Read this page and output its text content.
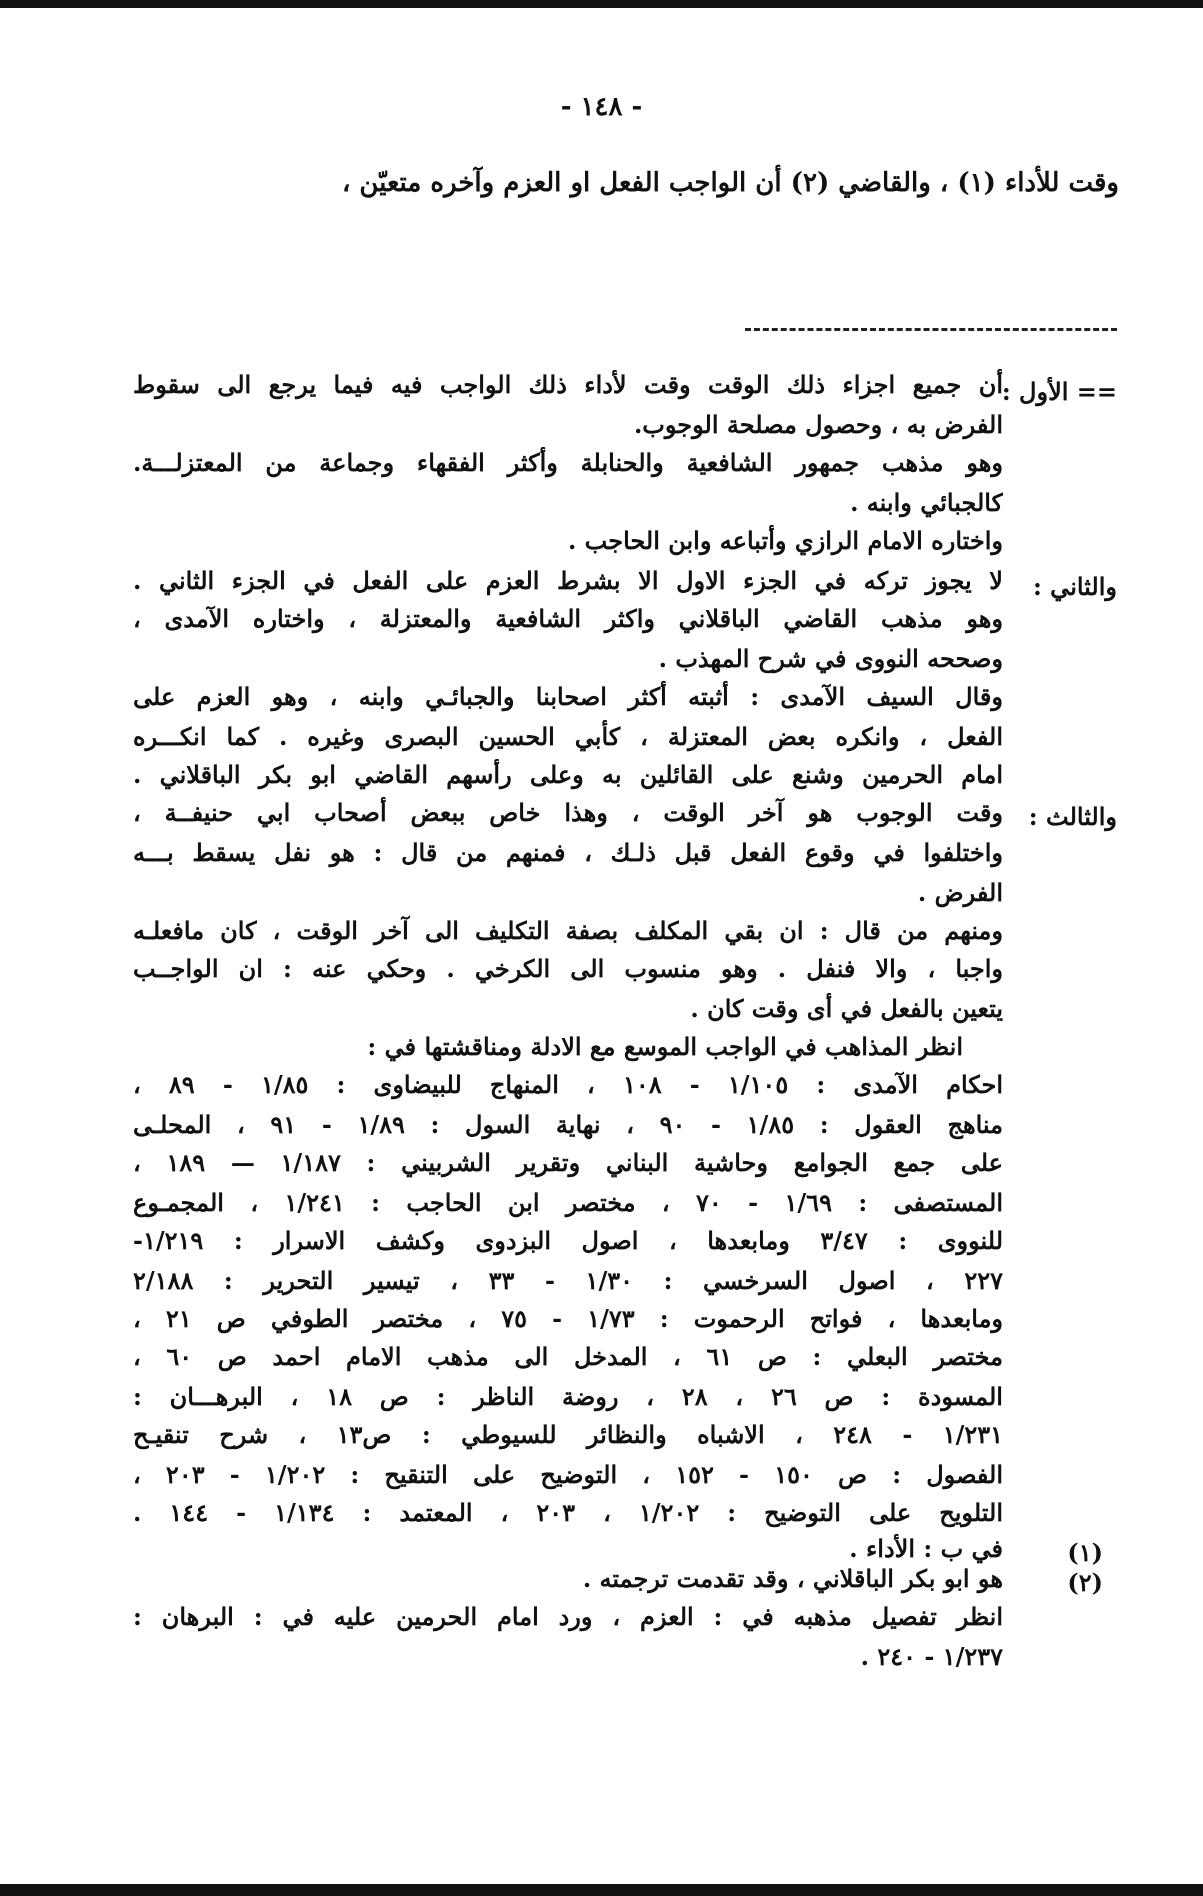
- ١٤٨ -
وقت للأداء (١) ، والقاضي (٢) أن الواجب الفعل او العزم وآخره متعيّن ،
== الأول :
أن جميع اجزاء ذلك الوقت وقت لأداء ذلك الواجب فيه فيما يرجع الى سقوط
الفرض به ، وحصول مصلحة الوجوب.
وهو مذهب جمهور الشافعية والحنابلة وأكثر الفقهاء وجماعة من المعتزلـــة.
كالجبائي وابنه .
واختاره الامام الرازي وأتباعه وابن الحاجب .
والثاني :
لا يجوز تركه في الجزء الاول الا بشرط العزم على الفعل في الجزء الثاني .
وهو مذهب القاضي الباقلاني واكثر الشافعية والمعتزلة ، واختاره الآمدى ،
وصححه النووى في شرح المهذب .
وقال السيف الآمدى : أثبته أكثر اصحابنا والجبائـي وابنه ، وهو العزم على
الفعل ، وانكره بعض المعتزلة ، كأبي الحسين البصرى وغيره . كما انكـــره
امام الحرمين وشنع على القائلين به وعلى رأسهم القاضي ابو بكر الباقلاني .
والثالث :
وقت الوجوب هو آخر الوقت ، وهذا خاص ببعض أصحاب ابي حنيفــة ،
واختلفوا في وقوع الفعل قبل ذلـك ، فمنهم من قال : هو نفل يسقط بـــه
الفرض .
ومنهم من قال : ان بقي المكلف بصفة التكليف الى آخر الوقت ، كان مافعلـه
واجبا ، والا فنفل . وهو منسوب الى الكرخي . وحكي عنه : ان الواجــب
يتعين بالفعل في أى وقت كان .
انظر المذاهب في الواجب الموسع مع الادلة ومناقشتها في :
احكام الآمدى : ١/١٠٥ - ١٠٨ ، المنهاج للبيضاوى : ١/٨٥ - ٨٩ ،
مناهج العقول : ١/٨٥ - ٩٠ ، نهاية السول : ١/٨٩ - ٩١ ، المحلـى
على جمع الجوامع وحاشية البناني وتقرير الشربيني : ١/١٨٧ — ١٨٩ ،
المستصفى : ١/٦٩ - ٧٠ ، مختصر ابن الحاجب : ١/٢٤١ ، المجمـوع
للنووى : ٣/٤٧ ومابعدها ، اصول البزدوى وكشف الاسرار : ١/٢١٩-
٢٢٧ ، اصول السرخسي : ١/٣٠ - ٣٣ ، تيسير التحرير : ٢/١٨٨
ومابعدها ، فواتح الرحموت : ١/٧٣ - ٧٥ ، مختصر الطوفي ص ٢١ ،
مختصر البعلي : ص ٦١ ، المدخل الى مذهب الامام احمد ص ٦٠ ،
المسودة : ص ٢٦ ، ٢٨ ، روضة الناظر : ص ١٨ ، البرهـــان :
١/٢٣١ - ٢٤٨ ، الاشباه والنظائر للسيوطي : ص١٣ ، شرح تنقيـح
الفصول : ص ١٥٠ - ١٥٢ ، التوضيح على التنقيح : ١/٢٠٢ - ٢٠٣ ،
التلويح على التوضيح : ١/٢٠٢ ، ٢٠٣ ، المعتمد : ١/١٣٤ - ١٤٤ .
(١)
في ب : الأداء .
(٢)
هو ابو بكر الباقلاني ، وقد تقدمت ترجمته .
انظر تفصيل مذهبه في : العزم ، ورد امام الحرمين عليه في : البرهان :
١/٢٣٧ - ٢٤٠ .
